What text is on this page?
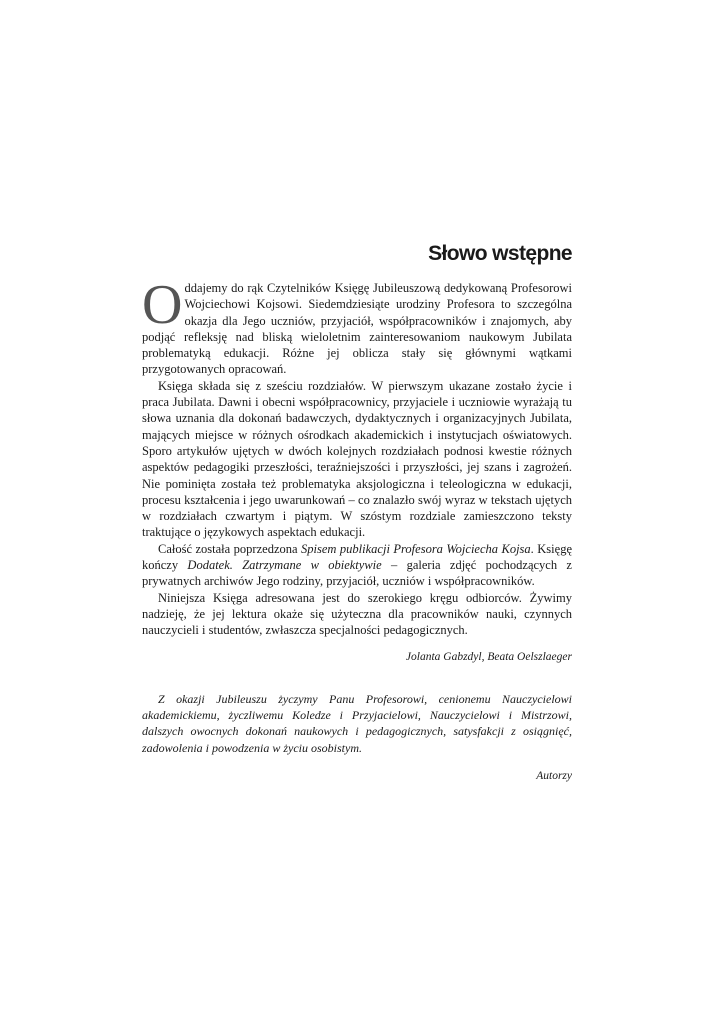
Słowo wstępne

Oddajemy do rąk Czytelników Księgę Jubileuszową dedykowaną Profesorowi Wojciechowi Kojsowi. Siedemdziesiąte urodziny Profesora to szczególna okazja dla Jego uczniów, przyjaciół, współpracowników i znajomych, aby podjąć refleksję nad bliską wieloletnim zainteresowaniom naukowym Jubilata problematyką edukacji. Różne jej oblicza stały się głównymi wątkami przygotowanych opracowań.

Księga składa się z sześciu rozdziałów. W pierwszym ukazane zostało życie i praca Jubilata. Dawni i obecni współpracownicy, przyjaciele i uczniowie wyrażają tu słowa uznania dla dokonań badawczych, dydaktycznych i organizacyjnych Jubilata, mających miejsce w różnych ośrodkach akademickich i instytucjach oświatowych. Sporo artykułów ujętych w dwóch kolejnych rozdziałach podnosi kwestie różnych aspektów pedagogiki przeszłości, teraźniejszości i przyszłości, jej szans i zagrożeń. Nie pominięta została też problematyka aksjologiczna i teleologiczna w edukacji, procesu kształcenia i jego uwarunkowań – co znalazło swój wyraz w tekstach ujętych w rozdziałach czwartym i piątym. W szóstym rozdziale zamieszczono teksty traktujące o językowych aspektach edukacji.

Całość została poprzedzona Spisem publikacji Profesora Wojciecha Kojsa. Księgę kończy Dodatek. Zatrzymane w obiektywie – galeria zdjęć pochodzących z prywatnych archiwów Jego rodziny, przyjaciół, uczniów i współpracowników.

Niniejsza Księga adresowana jest do szerokiego kręgu odbiorców. Żywimy nadzieję, że jej lektura okaże się użyteczna dla pracowników nauki, czynnych nauczycieli i studentów, zwłaszcza specjalności pedagogicznych.

Jolanta Gabzdyl, Beata Oelszlaeger

Z okazji Jubileuszu życzymy Panu Profesorowi, cenionemu Nauczycielowi akademickiemu, życzliwemu Koledze i Przyjacielowi, Nauczycielowi i Mistrzowi, dalszych owocnych dokonań naukowych i pedagogicznych, satysfakcji z osiągnięć, zadowolenia i powodzenia w życiu osobistym.

Autorzy
